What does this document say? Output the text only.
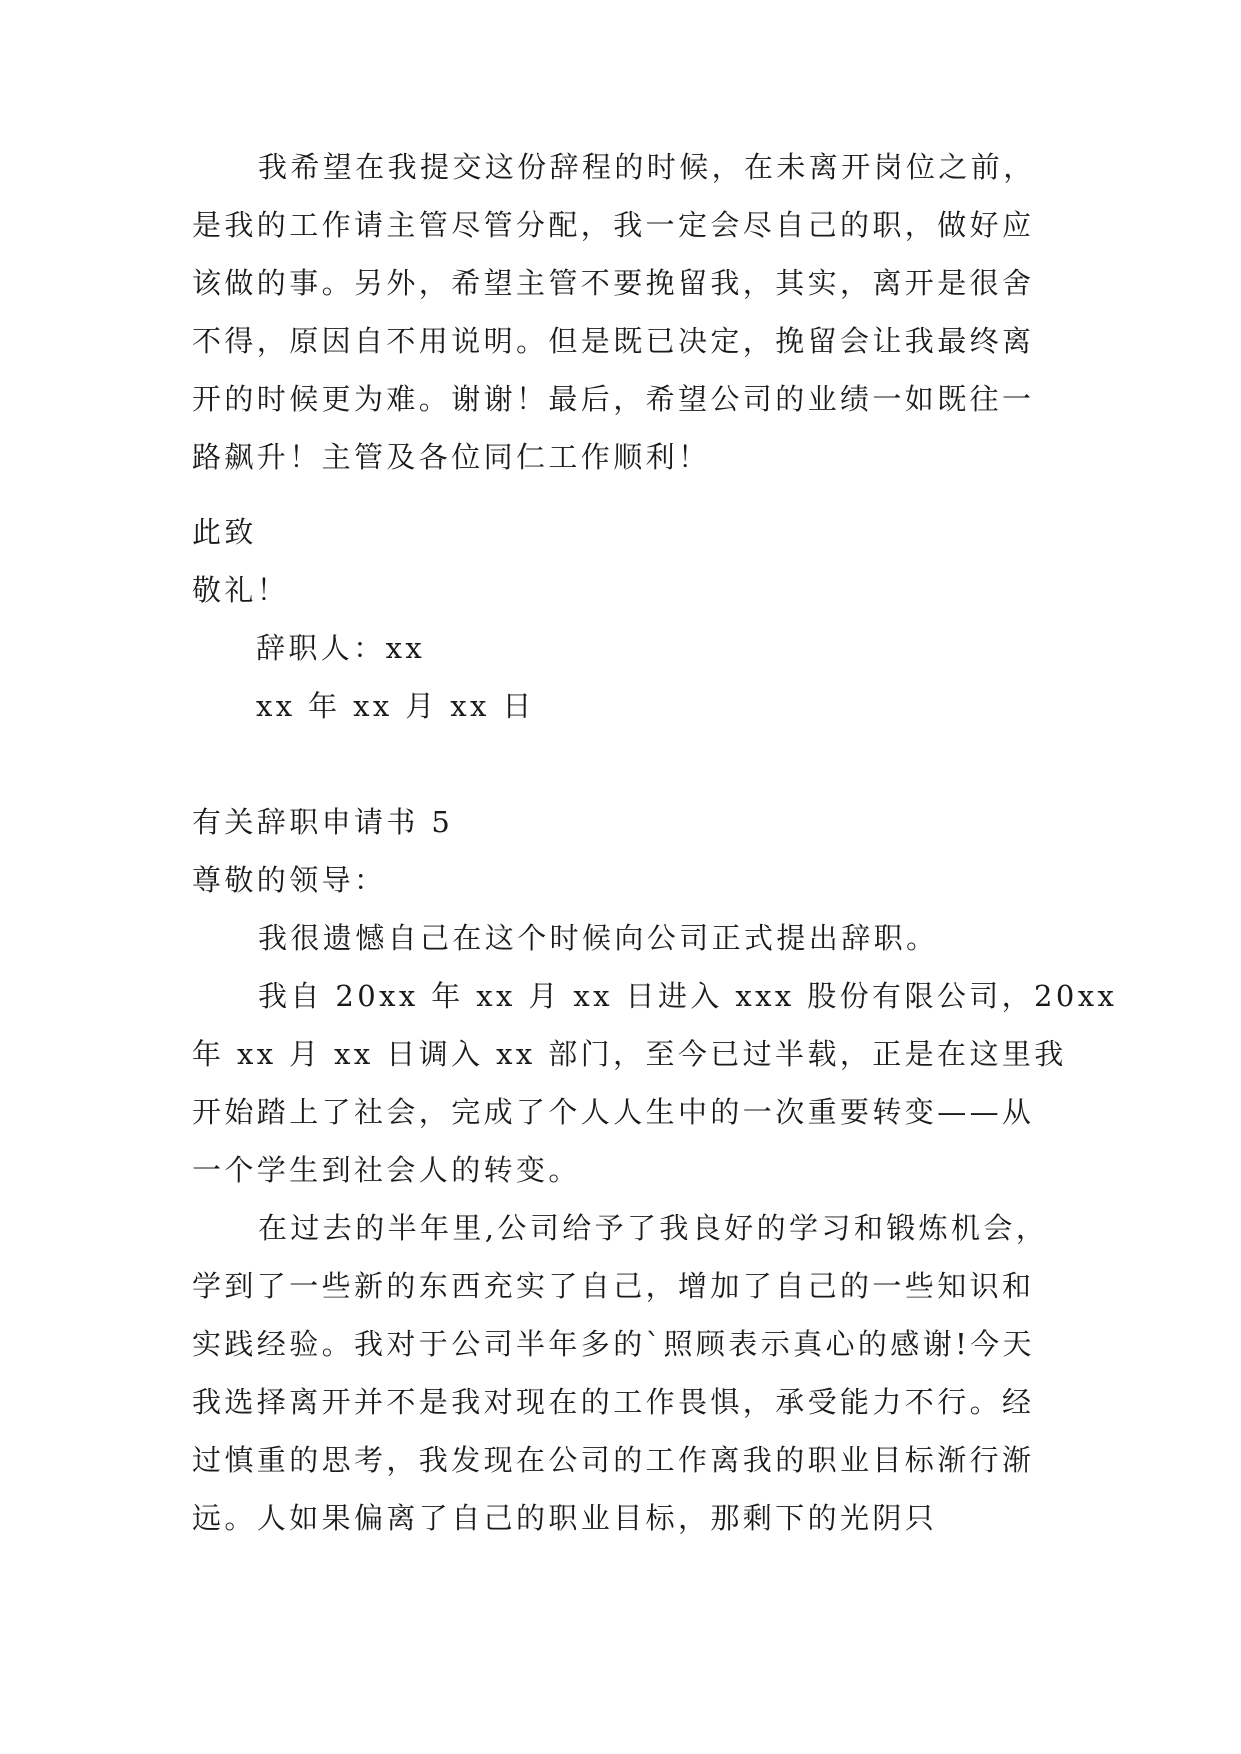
我希望在我提交这份辞程的时候，在未离开岗位之前，
是我的工作请主管尽管分配，我一定会尽自己的职，做好应
该做的事。另外，希望主管不要挽留我，其实，离开是很舍
不得，原因自不用说明。但是既已决定，挽留会让我最终离
开的时候更为难。谢谢！最后，希望公司的业绩一如既往一
路飙升！主管及各位同仁工作顺利！
此致
敬礼！
辞职人：xx
xx 年 xx 月 xx 日
有关辞职申请书 5
尊敬的领导：
我很遗憾自己在这个时候向公司正式提出辞职。
我自 20xx 年 xx 月 xx 日进入 xxx 股份有限公司，20xx
年 xx 月 xx 日调入 xx 部门，至今已过半载，正是在这里我
开始踏上了社会，完成了个人人生中的一次重要转变——从
一个学生到社会人的转变。
在过去的半年里,公司给予了我良好的学习和锻炼机会，
学到了一些新的东西充实了自己，增加了自己的一些知识和
实践经验。我对于公司半年多的`照顾表示真心的感谢!今天
我选择离开并不是我对现在的工作畏惧，承受能力不行。经
过慎重的思考，我发现在公司的工作离我的职业目标渐行渐
远。人如果偏离了自己的职业目标，那剩下的光阴只
